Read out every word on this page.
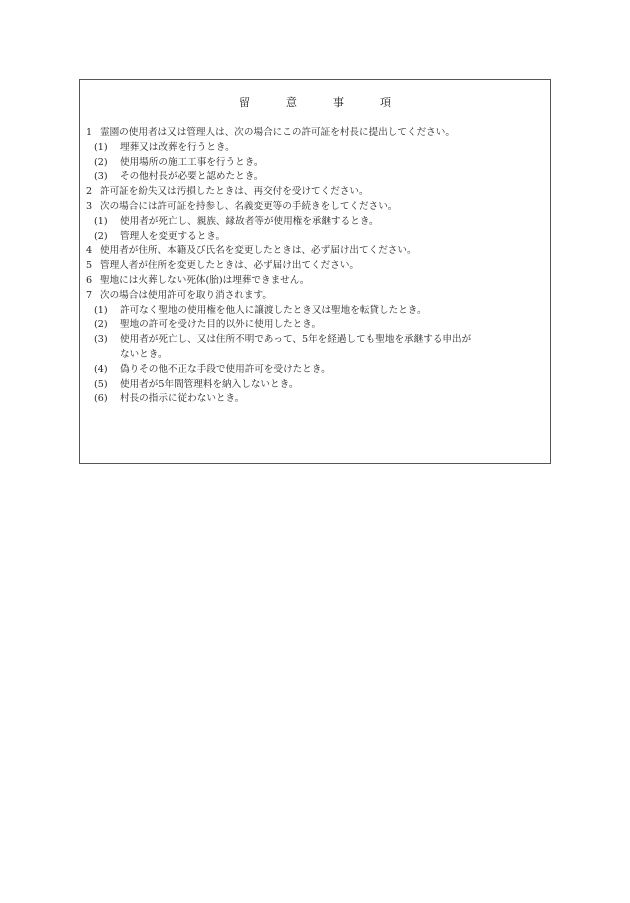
留	意	事	項
1 霊園の使用者は又は管理人は、次の場合にこの許可証を村長に提出してください。
(1) 埋葬又は改葬を行うとき。
(2) 使用場所の施工工事を行うとき。
(3) その他村長が必要と認めたとき。
2 許可証を紛失又は汚損したときは、再交付を受けてください。
3 次の場合には許可証を持参し、名義変更等の手続きをしてください。
(1) 使用者が死亡し、親族、縁故者等が使用権を承継するとき。
(2) 管理人を変更するとき。
4 使用者が住所、本籍及び氏名を変更したときは、必ず届け出てください。
5 管理人者が住所を変更したときは、必ず届け出てください。
6 聖地には火葬しない死体(胎)は埋葬できません。
7 次の場合は使用許可を取り消されます。
(1) 許可なく聖地の使用権を他人に譲渡したとき又は聖地を転貸したとき。
(2) 聖地の許可を受けた目的以外に使用したとき。
(3) 使用者が死亡し、又は住所不明であって、5年を経過しても聖地を承継する申出が
ないとき。
(4) 偽りその他不正な手段で使用許可を受けたとき。
(5) 使用者が5年間管理料を納入しないとき。
(6) 村長の指示に従わないとき。
